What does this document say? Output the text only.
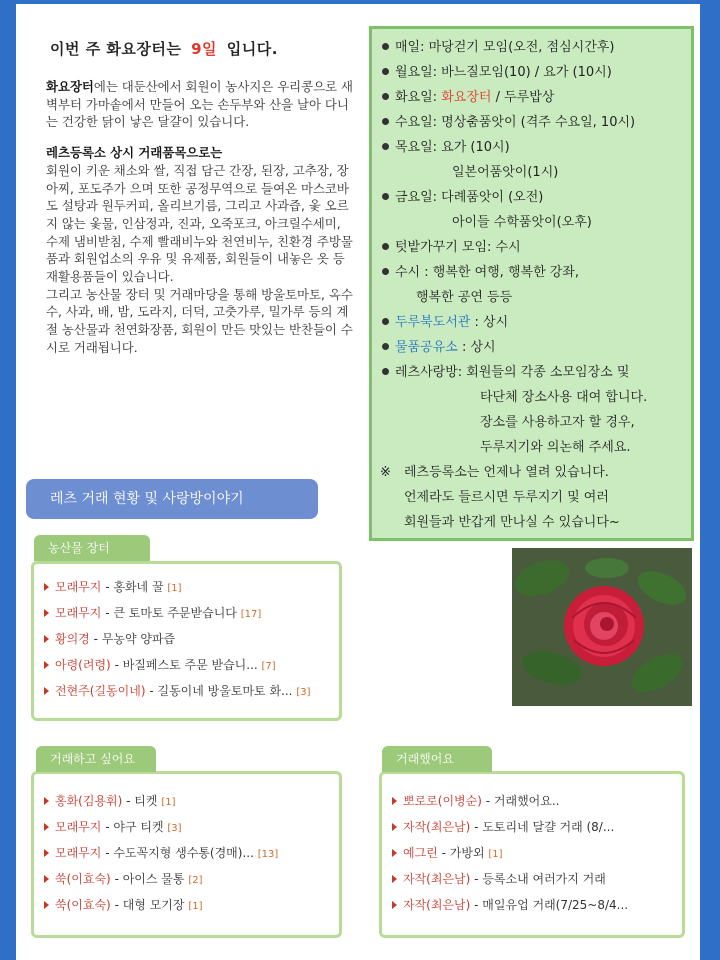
이번 주 화요장터는 9일 입니다.

화요장터에는 대둔산에서 회원이 농사지은 우리콩으로 새벽부터 가마솥에서 만들어 오는 손두부와 산을 날아 다니는 건강한 닭이 낳은 달걀이 있습니다.

레츠등록소 상시 거래품목으로는
회원이 키운 채소와 쌀, 직접 담근 간장, 된장, 고추장, 장아찌, 포도주가 으며 또한 공정무역으로 들여온 마스코바도 설탕과 원두커피, 올리브기름, 그리고 사과즙, 옻 오르지 않는 옻물, 인삼정과, 진과, 오죽포크, 아크릴수세미, 수제 냄비받침, 수제 빨래비누와 천연비누, 친환경 주방물품과 회원업소의 우유 및 유제품, 회원들이 내놓은 옷 등 재활용품들이 있습니다.
그리고 농산물 장터 및 거래마당을 통해 방울토마토, 옥수수, 사과, 배, 밤, 도라지, 더덕, 고춧가루, 밀가루 등의 계절 농산물과 천연화장품, 회원이 만든 맛있는 반찬들이 수시로 거래됩니다.

매일: 마당걷기 모임(오전, 점심시간후)
월요일: 바느질모임(10) / 요가 (10시)
화요일: 화요장터 / 두루밥상
수요일: 명상춤품앗이 (격주 수요일, 10시)
목요일: 요가 (10시)
일본어품앗이(1시)
금요일: 다례품앗이 (오전)
아이들 수학품앗이(오후)
텃밭가꾸기 모임: 수시
수시 : 행복한 여행, 행복한 강좌,
행복한 공연 등등
두루북도서관 : 상시
물품공유소 : 상시
레츠사랑방: 회원들의 각종 소모임장소 및
타단체 장소사용 대여 합니다.
장소를 사용하고자 할 경우,
두루지기와 의논해 주세요.
※ 레츠등록소는 언제나 열려 있습니다.
언제라도 들르시면 두루지기 및 여러
회원들과 반갑게 만나실 수 있습니다~
레츠 거래 현황 및 사랑방이야기
모래무지 - 홍화네 꿀 [1]
모래무지 - 큰 토마토 주문받습니다 [17]
황의경 - 무농약 양파즙
아령(려령) - 바질페스토 주문 받습니... [7]
전현주(길동이네) - 길동이네 방울토마토 화... [3]
농산물 장터
홍화(김용휘) - 티켓 [1]
모래무지 - 야구 티켓 [3]
모래무지 - 수도꼭지형 생수통(경매)... [13]
쑥(이효숙) - 아이스 물통 [2]
쑥(이효숙) - 대형 모기장 [1]
거래하고 싶어요
뽀로로(이병순) - 거래했어요..
자작(최은남) - 도토리네 달걀 거래 (8/...
예그린 - 가방외 [1]
자작(최은남) - 등록소내 여러가지 거래
자작(최은남) - 매일유업 거래(7/25~8/4...
거래했어요
